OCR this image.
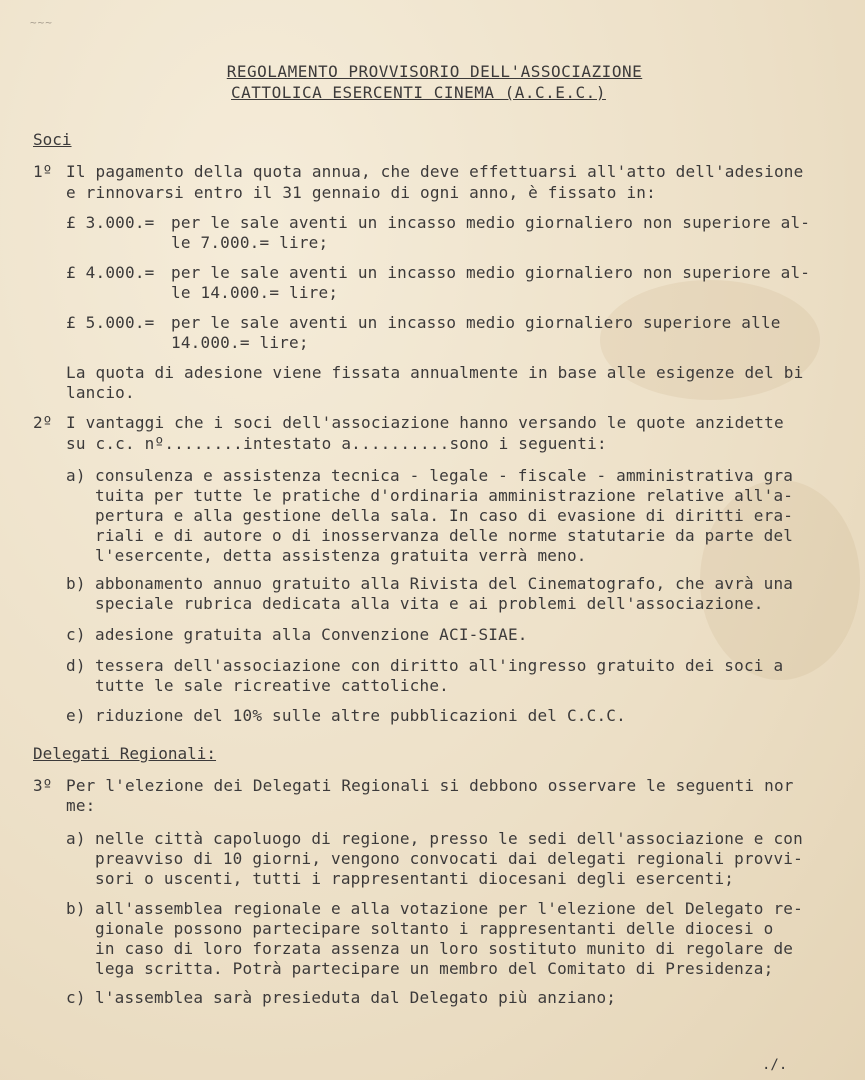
~~~
REGOLAMENTO PROVVISORIO DELL'ASSOCIAZIONE
CATTOLICA ESERCENTI CINEMA (A.C.E.C.)
Soci
1º Il pagamento della quota annua, che deve effettuarsi all'atto dell'adesione
e rinnovarsi entro il 31 gennaio di ogni anno, è fissato in:
£ 3.000.= per le sale aventi un incasso medio giornaliero non superiore al-
le 7.000.= lire;
£ 4.000.= per le sale aventi un incasso medio giornaliero non superiore al-
le 14.000.= lire;
£ 5.000.= per le sale aventi un incasso medio giornaliero superiore alle
14.000.= lire;
La quota di adesione viene fissata annualmente in base alle esigenze del bi
lancio.
2º I vantaggi che i soci dell'associazione hanno versando le quote anzidette
su c.c. nº........intestato a..........sono i seguenti:
a) consulenza e assistenza tecnica - legale - fiscale - amministrativa gra
tuita per tutte le pratiche d'ordinaria amministrazione relative all'a-
pertura e alla gestione della sala. In caso di evasione di diritti era-
riali e di autore o di inosservanza delle norme statutarie da parte del
l'esercente, detta assistenza gratuita verrà meno.
b) abbonamento annuo gratuito alla Rivista del Cinematografo, che avrà una
speciale rubrica dedicata alla vita e ai problemi dell'associazione.
c) adesione gratuita alla Convenzione ACI-SIAE.
d) tessera dell'associazione con diritto all'ingresso gratuito dei soci a
tutte le sale ricreative cattoliche.
e) riduzione del 10% sulle altre pubblicazioni del C.C.C.
Delegati Regionali:
3º Per l'elezione dei Delegati Regionali si debbono osservare le seguenti nor
me:
a) nelle città capoluogo di regione, presso le sedi dell'associazione e con
preavviso di 10 giorni, vengono convocati dai delegati regionali provvi-
sori o uscenti, tutti i rappresentanti diocesani degli esercenti;
b) all'assemblea regionale e alla votazione per l'elezione del Delegato re-
gionale possono partecipare soltanto i rappresentanti delle diocesi o
in caso di loro forzata assenza un loro sostituto munito di regolare de
lega scritta. Potrà partecipare un membro del Comitato di Presidenza;
c) l'assemblea sarà presieduta dal Delegato più anziano;
./.
